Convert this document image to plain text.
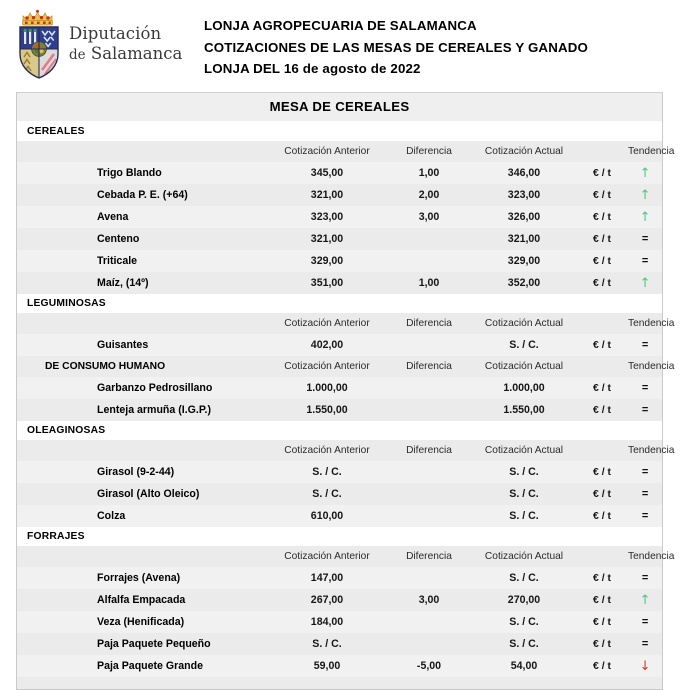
Diputación
de Salamanca
LONJA AGROPECUARIA DE SALAMANCA
COTIZACIONES DE LAS MESAS DE CEREALES Y GANADO
LONJA DEL 16 de agosto de 2022
MESA DE CEREALES
CEREALES					
	Cotización Anterior	Diferencia	Cotización Actual		Tendencia
Trigo Blando	345,00	1,00	346,00	€ / t	↑
Cebada P. E. (+64)	321,00	2,00	323,00	€ / t	↑
Avena	323,00	3,00	326,00	€ / t	↑
Centeno	321,00		321,00	€ / t	=
Triticale	329,00		329,00	€ / t	=
Maíz, (14º)	351,00	1,00	352,00	€ / t	↑
LEGUMINOSAS					
	Cotización Anterior	Diferencia	Cotización Actual		Tendencia
Guisantes	402,00		S. / C.	€ / t	=
DE CONSUMO HUMANO	Cotización Anterior	Diferencia	Cotización Actual		Tendencia
Garbanzo Pedrosillano	1.000,00		1.000,00	€ / t	=
Lenteja armuña (I.G.P.)	1.550,00		1.550,00	€ / t	=
OLEAGINOSAS					
	Cotización Anterior	Diferencia	Cotización Actual		Tendencia
Girasol (9-2-44)	S. / C.		S. / C.	€ / t	=
Girasol (Alto Oleico)	S. / C.		S. / C.	€ / t	=
Colza	610,00		S. / C.	€ / t	=
FORRAJES					
	Cotización Anterior	Diferencia	Cotización Actual		Tendencia
Forrajes (Avena)	147,00		S. / C.	€ / t	=
Alfalfa Empacada	267,00	3,00	270,00	€ / t	↑
Veza (Henificada)	184,00		S. / C.	€ / t	=
Paja Paquete Pequeño	S. / C.		S. / C.	€ / t	=
Paja Paquete Grande	59,00	-5,00	54,00	€ / t	↓
